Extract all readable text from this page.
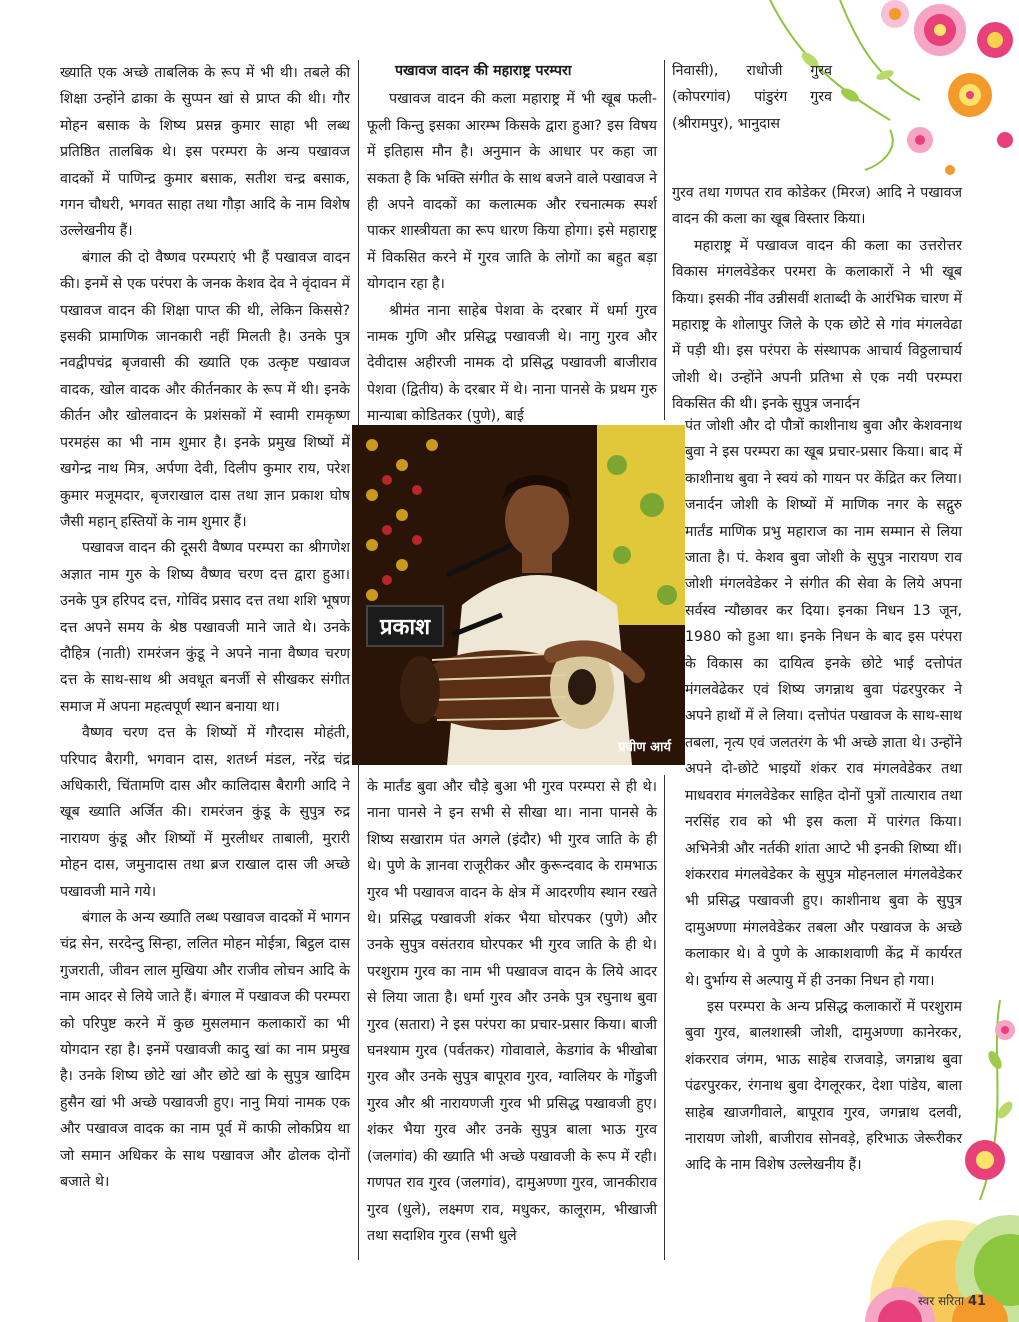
ख्याति एक अच्छे ताबलिक के रूप में भी थी। तबले की शिक्षा उन्होंने ढाका के सुप्पन खां से प्राप्त की थी। गौर मोहन बसाक के शिष्य प्रसन्न कुमार साहा भी लब्ध प्रतिष्ठित तालबिक थे। इस परम्परा के अन्य पखावज वादकों में पाणिन्द्र कुमार बसाक, सतीश चन्द्र बसाक, गगन चौधरी, भगवत साहा तथा गौड़ा आदि के नाम विशेष उल्लेखनीय हैं।

बंगाल की दो वैष्णव परम्पराएं भी हैं पखावज वादन की। इनमें से एक परंपरा के जनक केशव देव ने वृंदावन में पखावज वादन की शिक्षा पाप्त की थी, लेकिन किससे? इसकी प्रामाणिक जानकारी नहीं मिलती है। उनके पुत्र नवद्वीपचंद्र बृजवासी की ख्याति एक उत्कृष्ट पखावज वादक, खोल वादक और कीर्तनकार के रूप में थी। इनके कीर्तन और खोलवादन के प्रशंसकों में स्वामी रामकृष्ण परमहंस का भी नाम शुमार है। इनके प्रमुख शिष्यों में खगेन्द्र नाथ मित्र, अर्पणा देवी, दिलीप कुमार राय, परेश कुमार मजूमदार, बृजराखाल दास तथा ज्ञान प्रकाश घोष जैसी महान् हस्तियों के नाम शुमार हैं।

पखावज वादन की दूसरी वैष्णव परम्परा का श्रीगणेश अज्ञात नाम गुरु के शिष्य वैष्णव चरण दत्त द्वारा हुआ। उनके पुत्र हरिपद दत्त, गोविंद प्रसाद दत्त तथा शशि भूषण दत्त अपने समय के श्रेष्ठ पखावजी माने जाते थे। उनके दौहित्र (नाती) रामरंजन कुंडू ने अपने नाना वैष्णव चरण दत्त के साथ-साथ श्री अवधूत बनर्जी से सीखकर संगीत समाज में अपना महत्वपूर्ण स्थान बनाया था।

वैष्णव चरण दत्त के शिष्यों में गौरदास मोहंती, परिपाद बैरागी, भगवान दास, शतर्ध्न मंडल, नरेंद्र चंद्र अधिकारी, चिंतामणि दास और कालिदास बैरागी आदि ने खूब ख्याति अर्जित की। रामरंजन कुंडू के सुपुत्र रुद्र नारायण कुंडू और शिष्यों में मुरलीधर ताबाली, मुरारी मोहन दास, जमुनादास तथा ब्रज राखाल दास जी अच्छे पखावजी माने गये।

बंगाल के अन्य ख्याति लब्ध पखावज वादकों में भागन चंद्र सेन, सरदेन्दु सिन्हा, ललित मोहन मोईत्रा, बिट्ठल दास गुजराती, जीवन लाल मुखिया और राजीव लोचन आदि के नाम आदर से लिये जाते हैं। बंगाल में पखावज की परम्परा को परिपुष्ट करने में कुछ मुसलमान कलाकारों का भी योगदान रहा है। इनमें पखावजी कादु खां का नाम प्रमुख है। उनके शिष्य छोटे खां और छोटे खां के सुपुत्र खादिम हुसैन खां भी अच्छे पखावजी हुए। नानु मियां नामक एक और पखावज वादक का नाम पूर्व में काफी लोकप्रिय था जो समान अधिकर के साथ पखावज और ढोलक दोनों बजाते थे।

पखावज वादन की महाराष्ट्र परम्परा

पखावज वादन की कला महाराष्ट्र में भी खूब फली-फूली किन्तु इसका आरम्भ किसके द्वारा हुआ? इस विषय में इतिहास मौन है। अनुमान के आधार पर कहा जा सकता है कि भक्ति संगीत के साथ बजने वाले पखावज ने ही अपने वादकों का कलात्मक और रचनात्मक स्पर्श पाकर शास्त्रीयता का रूप धारण किया होगा। इसे महाराष्ट्र में विकसित करने में गुरव जाति के लोगों का बहुत बड़ा योगदान रहा है।

श्रीमंत नाना साहेब पेशवा के दरबार में धर्मा गुरव नामक गुणि और प्रसिद्ध पखावजी थे। नागु गुरव और देवीदास अहीरजी नामक दो प्रसिद्ध पखावजी बाजीराव पेशवा (द्वितीय) के दरबार में थे। नाना पानसे के प्रथम गुरु मान्याबा कोडितकर (पुणे), बाई

प्रकाश
प्रवीण आर्य

के मार्तंड बुवा और चौड़े बुआ भी गुरव परम्परा से ही थे। नाना पानसे ने इन सभी से सीखा था। नाना पानसे के शिष्य सखाराम पंत अगले (इंदौर) भी गुरव जाति के ही थे। पुणे के ज्ञानवा राजूरीकर और कुरून्दवाद के रामभाऊ गुरव भी पखावज वादन के क्षेत्र में आदरणीय स्थान रखते थे। प्रसिद्ध पखावजी शंकर भैया घोरपकर (पुणे) और उनके सुपुत्र वसंतराव घोरपकर भी गुरव जाति के ही थे। परशुराम गुरव का नाम भी पखावज वादन के लिये आदर से लिया जाता है। धर्मा गुरव और उनके पुत्र रघुनाथ बुवा गुरव (सतारा) ने इस परंपरा का प्रचार-प्रसार किया। बाजी घनश्याम गुरव (पर्वतकर) गोवावाले, केडगांव के भीखोबा गुरव और उनके सुपुत्र बापूराव गुरव, ग्वालियर के गोंडुजी गुरव और श्री नारायणजी गुरव भी प्रसिद्ध पखावजी हुए। शंकर भैया गुरव और उनके सुपुत्र बाला भाऊ गुरव (जलगांव) की ख्याति भी अच्छे पखावजी के रूप में रही। गणपत राव गुरव (जलगांव), दामुअण्णा गुरव, जानकीराव गुरव (धुले), लक्ष्मण राव, मधुकर, कालूराम, भीखाजी तथा सदाशिव गुरव (सभी धुले

निवासी), राधोजी गुरव (कोपरगांव) पांडुरंग गुरव (श्रीरामपुर), भानुदास

गुरव तथा गणपत राव कोडेकर (मिरज) आदि ने पखावज वादन की कला का खूब विस्तार किया।

महाराष्ट्र में पखावज वादन की कला का उत्तरोत्तर विकास मंगलवेडेकर परमरा के कलाकारों ने भी खूब किया। इसकी नींव उन्नीसवीं शताब्दी के आरंभिक चारण में महाराष्ट्र के शोलापुर जिले के एक छोटे से गांव मंगलवेढा में पड़ी थी। इस परंपरा के संस्थापक आचार्य विठ्ठलाचार्य जोशी थे। उन्होंने अपनी प्रतिभा से एक नयी परम्परा विकसित की थी। इनके सुपुत्र जनार्दन

पंत जोशी और दो पौत्रों काशीनाथ बुवा और केशवनाथ बुवा ने इस परम्परा का खूब प्रचार-प्रसार किया। बाद में काशीनाथ बुवा ने स्वयं को गायन पर केंद्रित कर लिया। जनार्दन जोशी के शिष्यों में माणिक नगर के सद्गुरु मार्तंड माणिक प्रभु महाराज का नाम सम्मान से लिया जाता है। पं. केशव बुवा जोशी के सुपुत्र नारायण राव जोशी मंगलवेडेकर ने संगीत की सेवा के लिये अपना सर्वस्व न्यौछावर कर दिया। इनका निधन 13 जून, 1980 को हुआ था। इनके निधन के बाद इस परंपरा के विकास का दायित्व इनके छोटे भाई दत्तोपंत मंगलवेढेकर एवं शिष्य जगन्नाथ बुवा पंढरपुरकर ने अपने हाथों में ले लिया। दत्तोपंत पखावज के साथ-साथ तबला, नृत्य एवं जलतरंग के भी अच्छे ज्ञाता थे। उन्होंने अपने दो-छोटे भाइयों शंकर राव मंगलवेडेकर तथा माधवराव मंगलवेडेकर साहित दोनों पुत्रों तात्याराव तथा नरसिंह राव को भी इस कला में पारंगत किया। अभिनेत्री और नर्तकी शांता आप्टे भी इनकी शिष्या थीं। शंकरराव मंगलवेडेकर के सुपुत्र मोहनलाल मंगलवेडेकर भी प्रसिद्ध पखावजी हुए। काशीनाथ बुवा के सुपुत्र दामुअण्णा मंगलवेडेकर तबला और पखावज के अच्छे कलाकार थे। वे पुणे के आकाशवाणी केंद्र में कार्यरत थे। दुर्भाग्य से अल्पायु में ही उनका निधन हो गया।

इस परम्परा के अन्य प्रसिद्ध कलाकारों में परशुराम बुवा गुरव, बालशास्त्री जोशी, दामुअण्णा कानेरकर, शंकरराव जंगम, भाऊ साहेब राजवाड़े, जगन्नाथ बुवा पंढरपुरकर, रंगनाथ बुवा देगलूरकर, देशा पांडेय, बाला साहेब खाजगीवाले, बापूराव गुरव, जगन्नाथ दलवी, नारायण जोशी, बाजीराव सोनवड़े, हरिभाऊ जेरूरीकर आदि के नाम विशेष उल्लेखनीय हैं।

स्वर सरिता 41
